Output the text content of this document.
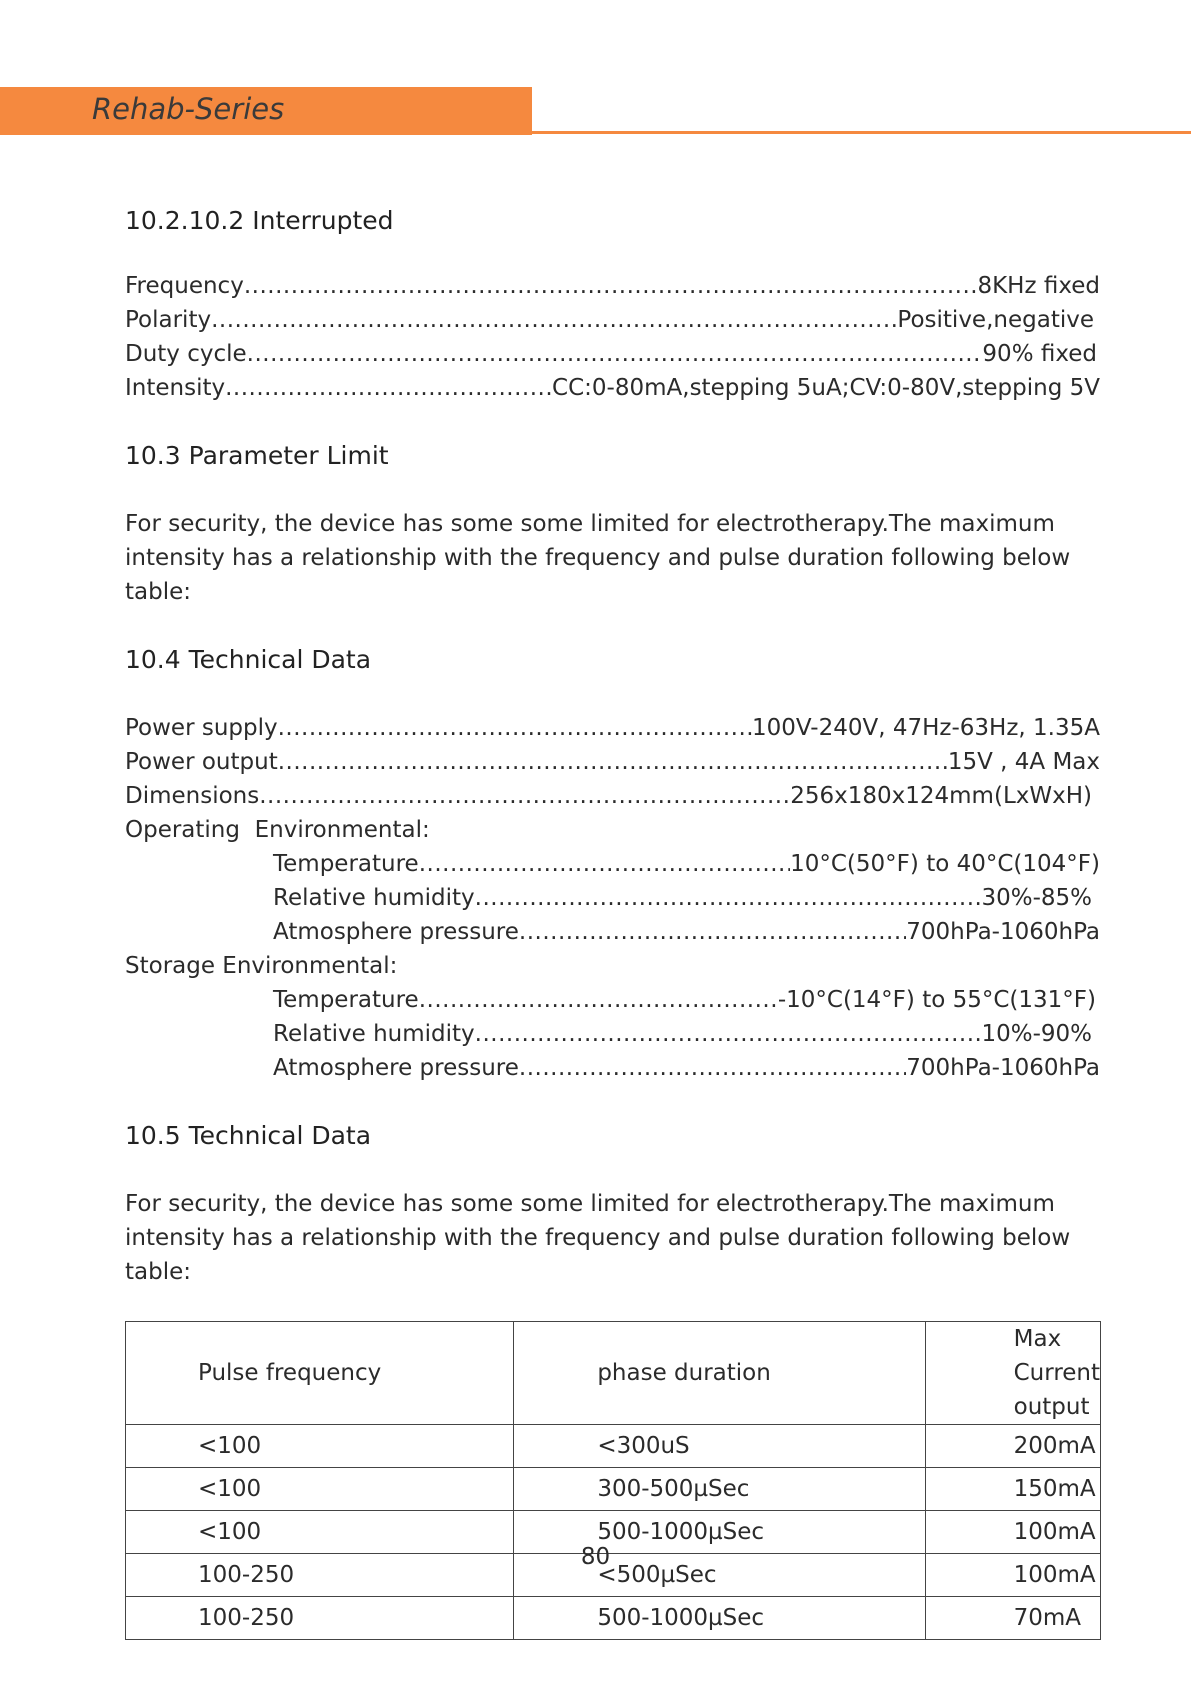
Rehab-Series

10.2.10.2 Interrupted

Frequency .....	8KHz fixed
Polarity .....	Positive,negative
Duty cycle .....	90% fixed
Intensity .....	CC:0-80mA,stepping 5uA;CV:0-80V,stepping 5V

10.3 Parameter Limit

For security, the device has some some limited for electrotherapy.The maximum intensity has a relationship with the frequency and pulse duration following below table:

10.4 Technical Data

Power supply .....	100V-240V, 47Hz-63Hz, 1.35A
Power output .....	15V , 4A Max
Dimensions .....	256x180x124mm(LxWxH)

Operating  Environmental:

Temperature .....	10°C(50°F) to 40°C(104°F)
Relative humidity .....	30%-85%
Atmosphere pressure .....	700hPa-1060hPa

Storage Environmental:

Temperature .....	-10°C(14°F) to 55°C(131°F)
Relative humidity .....	10%-90%
Atmosphere pressure .....	700hPa-1060hPa

10.5 Technical Data

For security, the device has some some limited for electrotherapy.The maximum intensity has a relationship with the frequency and pulse duration following below table:

Pulse frequency	phase duration	Max Current output
<100	<300uS	200mA
<100	300-500µSec	150mA
<100	500-1000µSec	100mA
100-250	<500µSec	100mA
100-250	500-1000µSec	70mA
80
